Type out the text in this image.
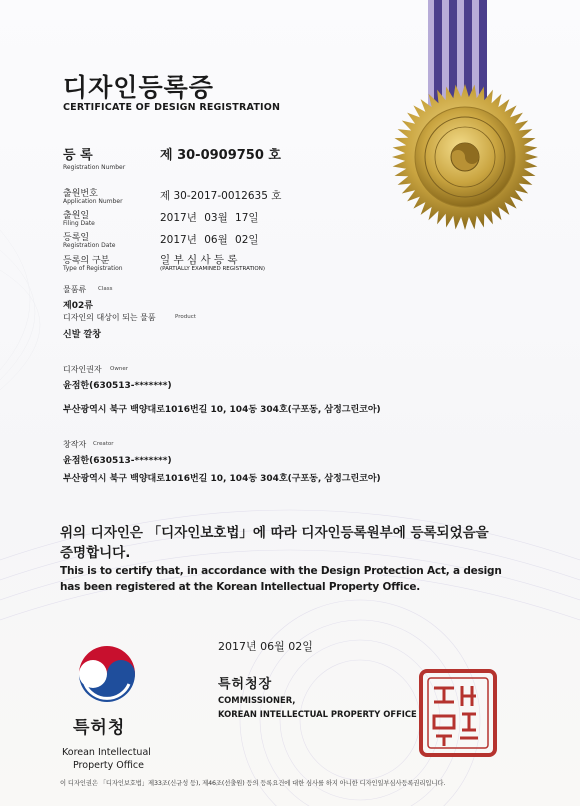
디자인등록증
CERTIFICATE OF DESIGN REGISTRATION
등 록
Registration Number
제 30-0909750 호
출원번호
Application Number	제 30-2017-0012635 호
출원일
Filing Date	2017년 03월 17일
등록일
Registration Date	2017년 06월 02일
등록의 구분
Type of Registration
일 부 심 사 등 록
(PARTIALLY EXAMINED REGISTRATION)
물품류 Class
제02류
디자인의 대상이 되는 물품	Product
신발 깔창
디자인권자 Owner
윤점한(630513-*******)
부산광역시 북구 백양대로1016번길 10, 104동 304호(구포동, 삼정그린코아)
창작자 Creator
윤점한(630513-*******)
부산광역시 북구 백양대로1016번길 10, 104동 304호(구포동, 삼정그린코아)
위의 디자인은 「디자인보호법」에 따라 디자인등록원부에 등록되었음을
증명합니다.
This is to certify that, in accordance with the Design Protection Act, a design
has been registered at the Korean Intellectual Property Office.
2017년 06월 02일
특허청장
COMMISSIONER,
KOREAN INTELLECTUAL PROPERTY OFFICE
특허청
Korean Intellectual
Property Office
이 디자인권은 「디자인보호법」제33조(신규성 등), 제46조(선출원) 등의 등록요건에 대한 심사를 하지 아니한 디자인일부심사등록권리입니다.
